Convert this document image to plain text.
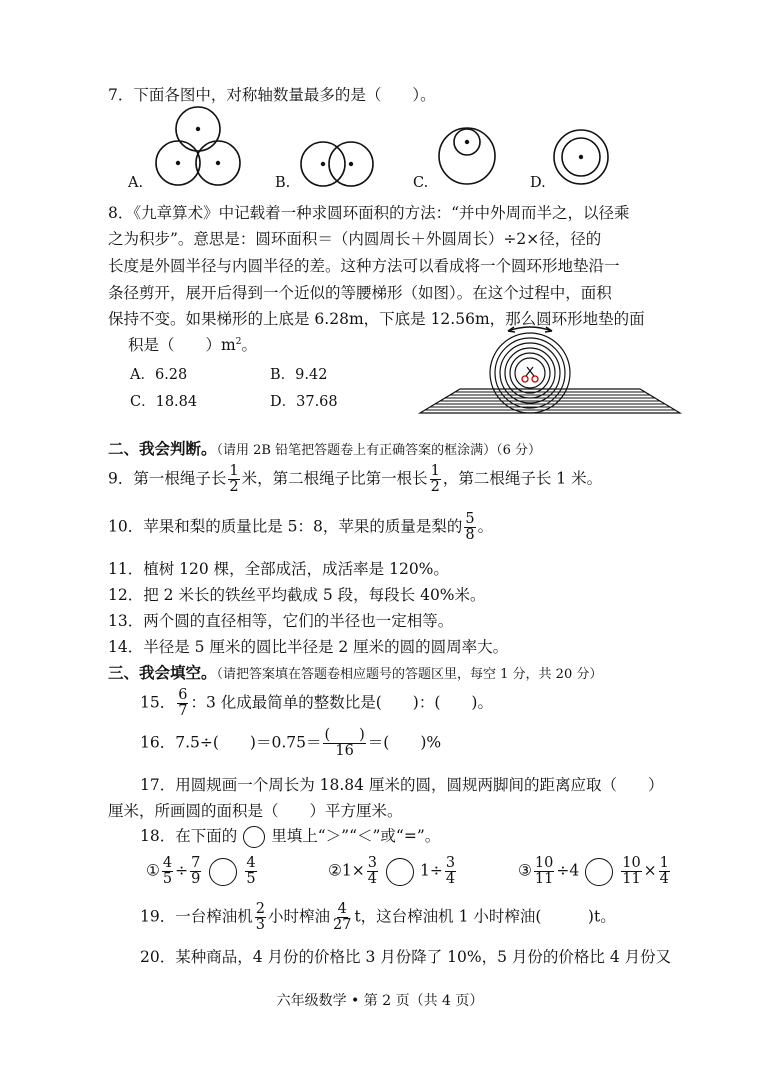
7．下面各图中，对称轴数量最多的是（　　）。
A.	B.	C.	D.
8．《九章算术》中记载着一种求圆环面积的方法：“并中外周而半之，以径乘
之为积步”。意思是：圆环面积＝（内圆周长＋外圆周长）÷2×径，径的
长度是外圆半径与内圆半径的差。这种方法可以看成将一个圆环形地垫沿一
条径剪开，展开后得到一个近似的等腰梯形（如图）。在这个过程中，面积
保持不变。如果梯形的上底是 6.28m，下底是 12.56m，那么圆环形地垫的面
积是（　　）$m^2$。
A．6.28	B．9.42
C．18.84	D．37.68
二、我会判断。（请用 2B 铅笔把答题卷上有正确答案的框涂满）（6 分）
9．第一根绳子长 $\frac{1}{2}$ 米，第二根绳子比第一根长 $\frac{1}{2}$ ，第二根绳子长 1 米。
10．苹果和梨的质量比是 5：8，苹果的质量是梨的 $\frac{5}{8}$ 。
11．植树 120 棵，全部成活，成活率是 120%。
12．把 2 米长的铁丝平均截成 5 段，每段长 40%米。
13．两个圆的直径相等，它们的半径也一定相等。
14．半径是 5 厘米的圆比半径是 2 厘米的圆的圆周率大。
三、我会填空。（请把答案填在答题卷相应题号的答题区里，每空 1 分，共 20 分）
15． $\frac{6}{7}$ ：3 化成最简单的整数比是(　　)：(　　)。
16．7.5÷(　　)$=0.75= \frac{( )}{16}$ ＝(　　)%
17．用圆规画一个周长为 18.84 厘米的圆，圆规两脚间的距离应取（　　）
厘米，所画圆的面积是（　　）平方厘米。
18．在下面的 里填上“＞”“＜”或“=”。
① $\frac{4}{5} \div \frac{7}{9}$	$\frac{4}{5}$	②1× $\frac{3}{4}$	$1\div \frac{3}{4}$	③ $\frac{10}{11} \div 4$	$\frac{10}{11} \times \frac{1}{4}$
19．一台榨油机 $\frac{2}{3}$ 小时榨油 $\frac{4}{27}$ t，这台榨油机 1 小时榨油(　　　)t。
20．某种商品，4 月份的价格比 3 月份降了 10%，5 月份的价格比 4 月份又
六年级数学 • 第 2 页（共 4 页）
